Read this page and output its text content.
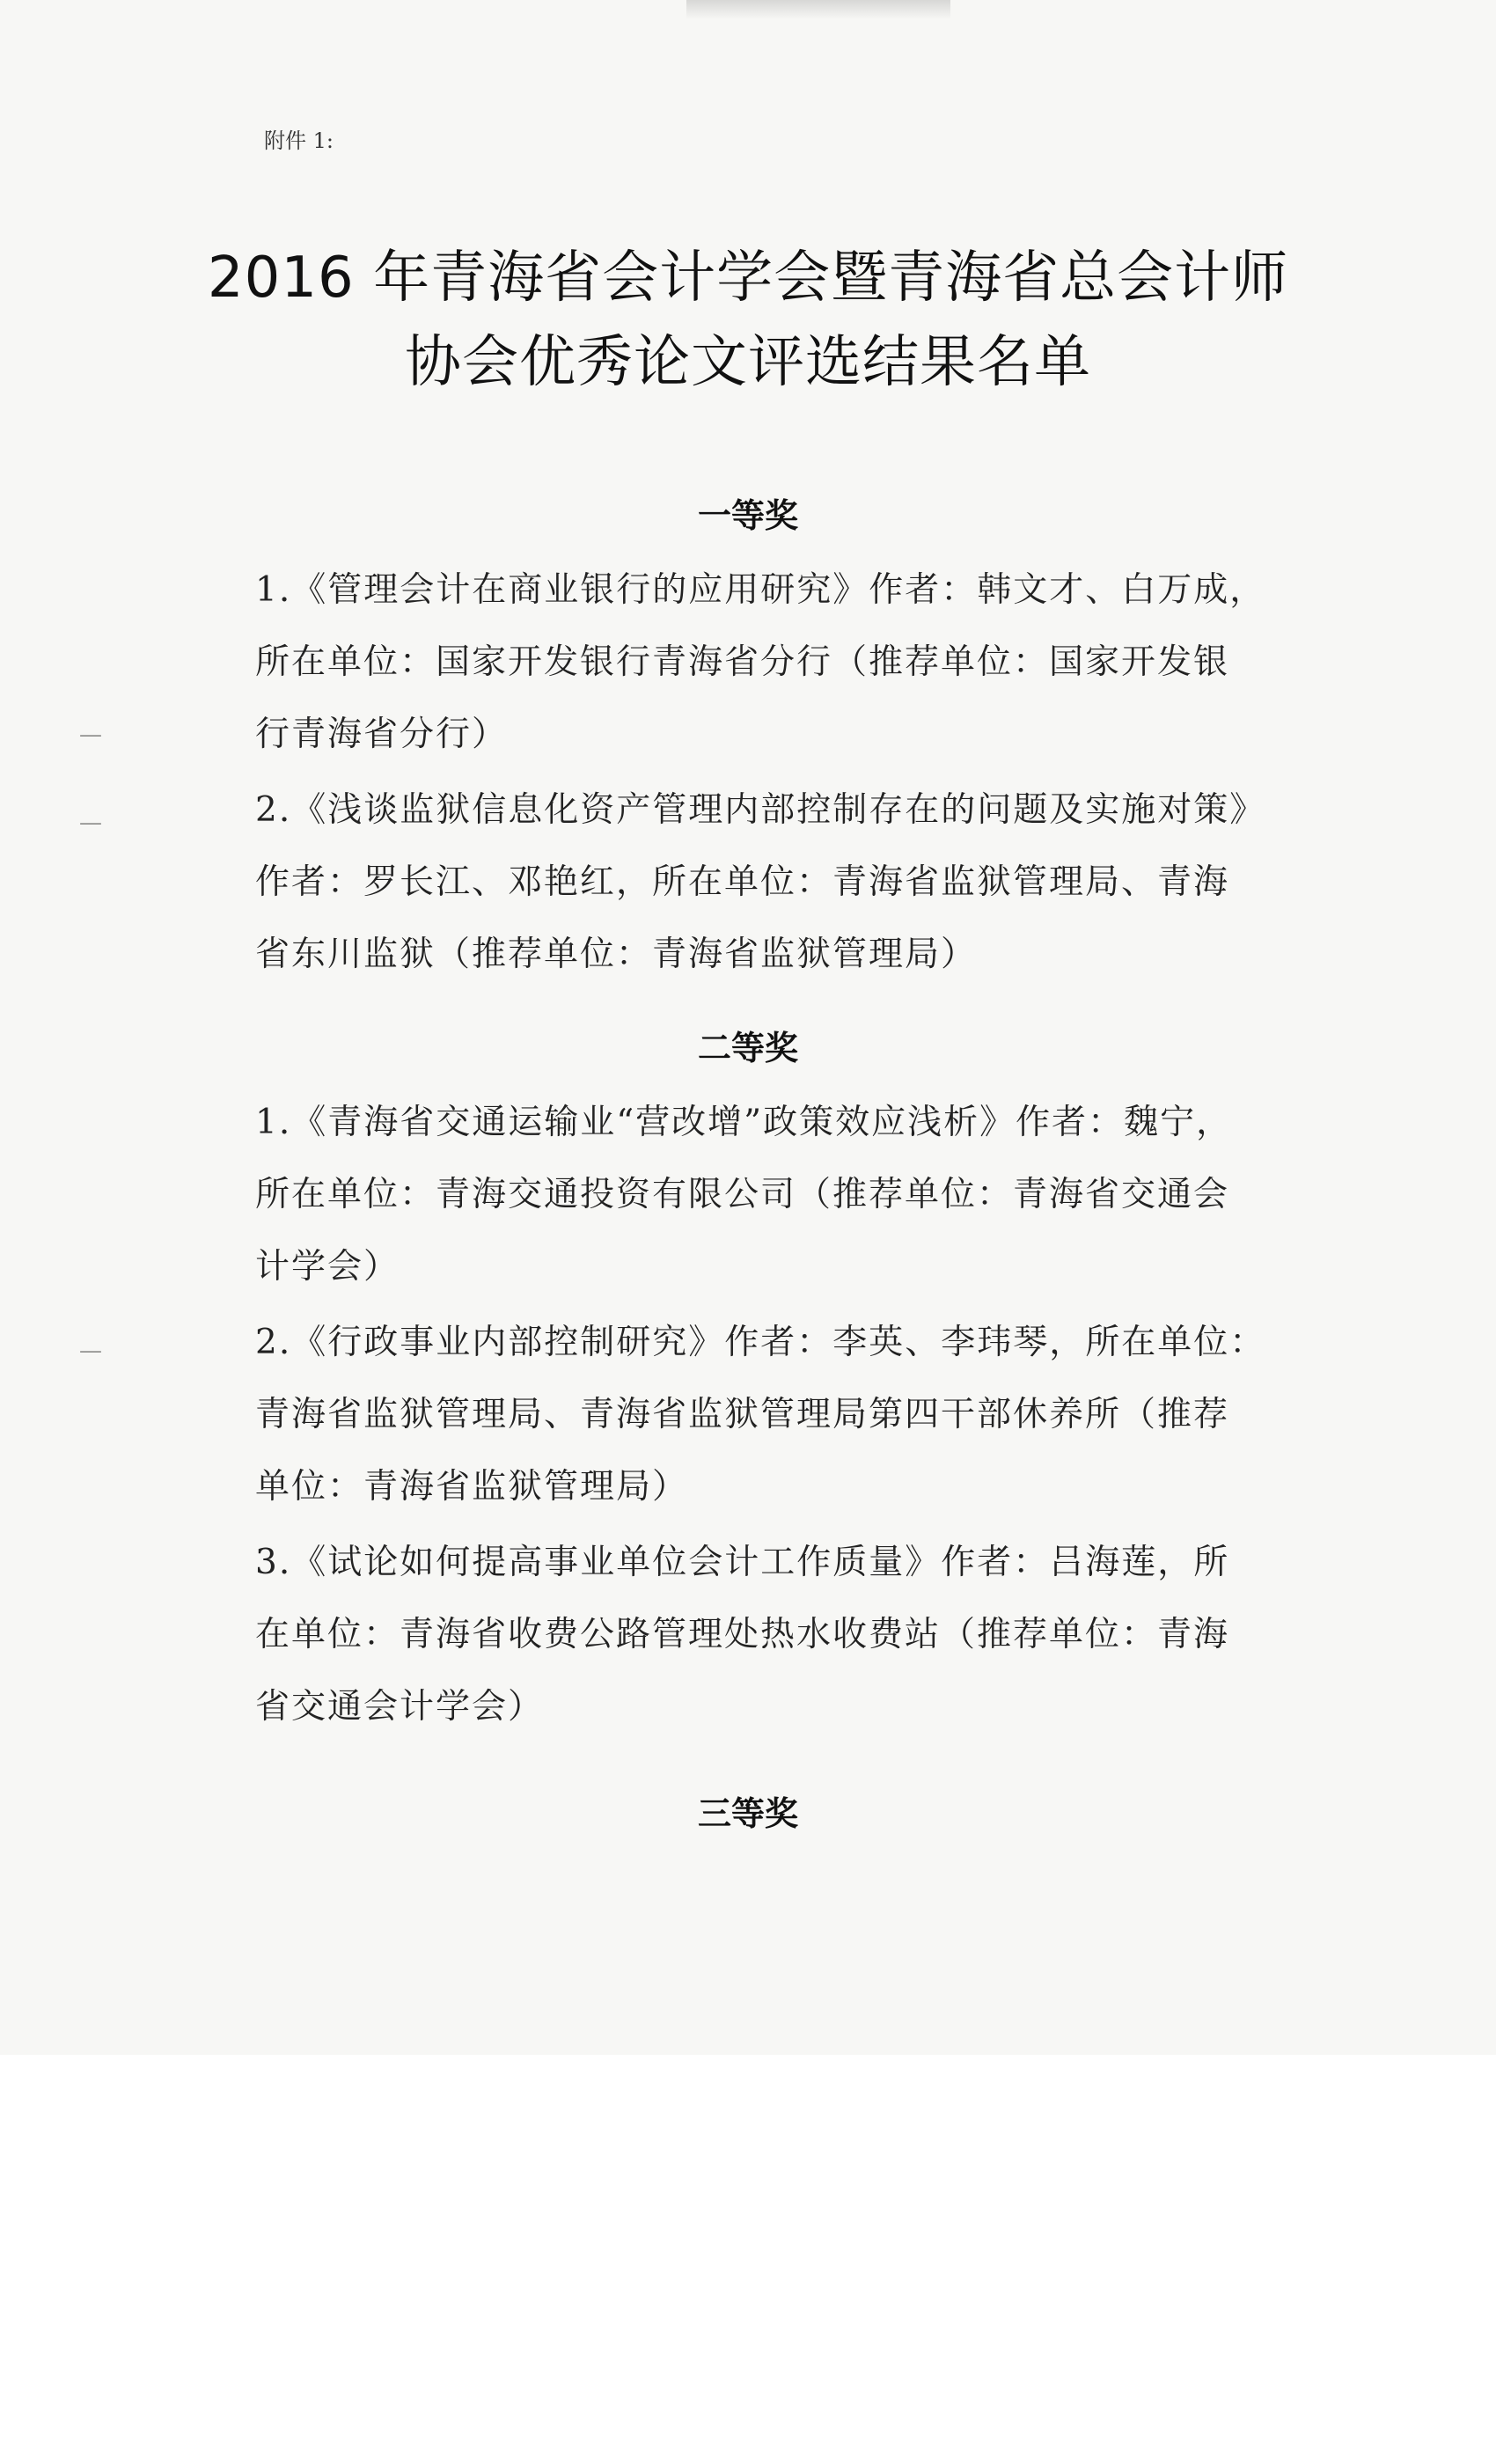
—
—
—
附件 1:
2016 年青海省会计学会暨青海省总会计师
协会优秀论文评选结果名单
一等奖
1.《管理会计在商业银行的应用研究》作者：韩文才、白万成，
所在单位：国家开发银行青海省分行（推荐单位：国家开发银
行青海省分行）
2.《浅谈监狱信息化资产管理内部控制存在的问题及实施对策》
作者：罗长江、邓艳红，所在单位：青海省监狱管理局、青海
省东川监狱（推荐单位：青海省监狱管理局）
二等奖
1.《青海省交通运输业“营改增”政策效应浅析》作者：魏宁，
所在单位：青海交通投资有限公司（推荐单位：青海省交通会
计学会）
2.《行政事业内部控制研究》作者：李英、李玮琴，所在单位：
青海省监狱管理局、青海省监狱管理局第四干部休养所（推荐
单位：青海省监狱管理局）
3.《试论如何提高事业单位会计工作质量》作者：吕海莲，所
在单位：青海省收费公路管理处热水收费站（推荐单位：青海
省交通会计学会）
三等奖
